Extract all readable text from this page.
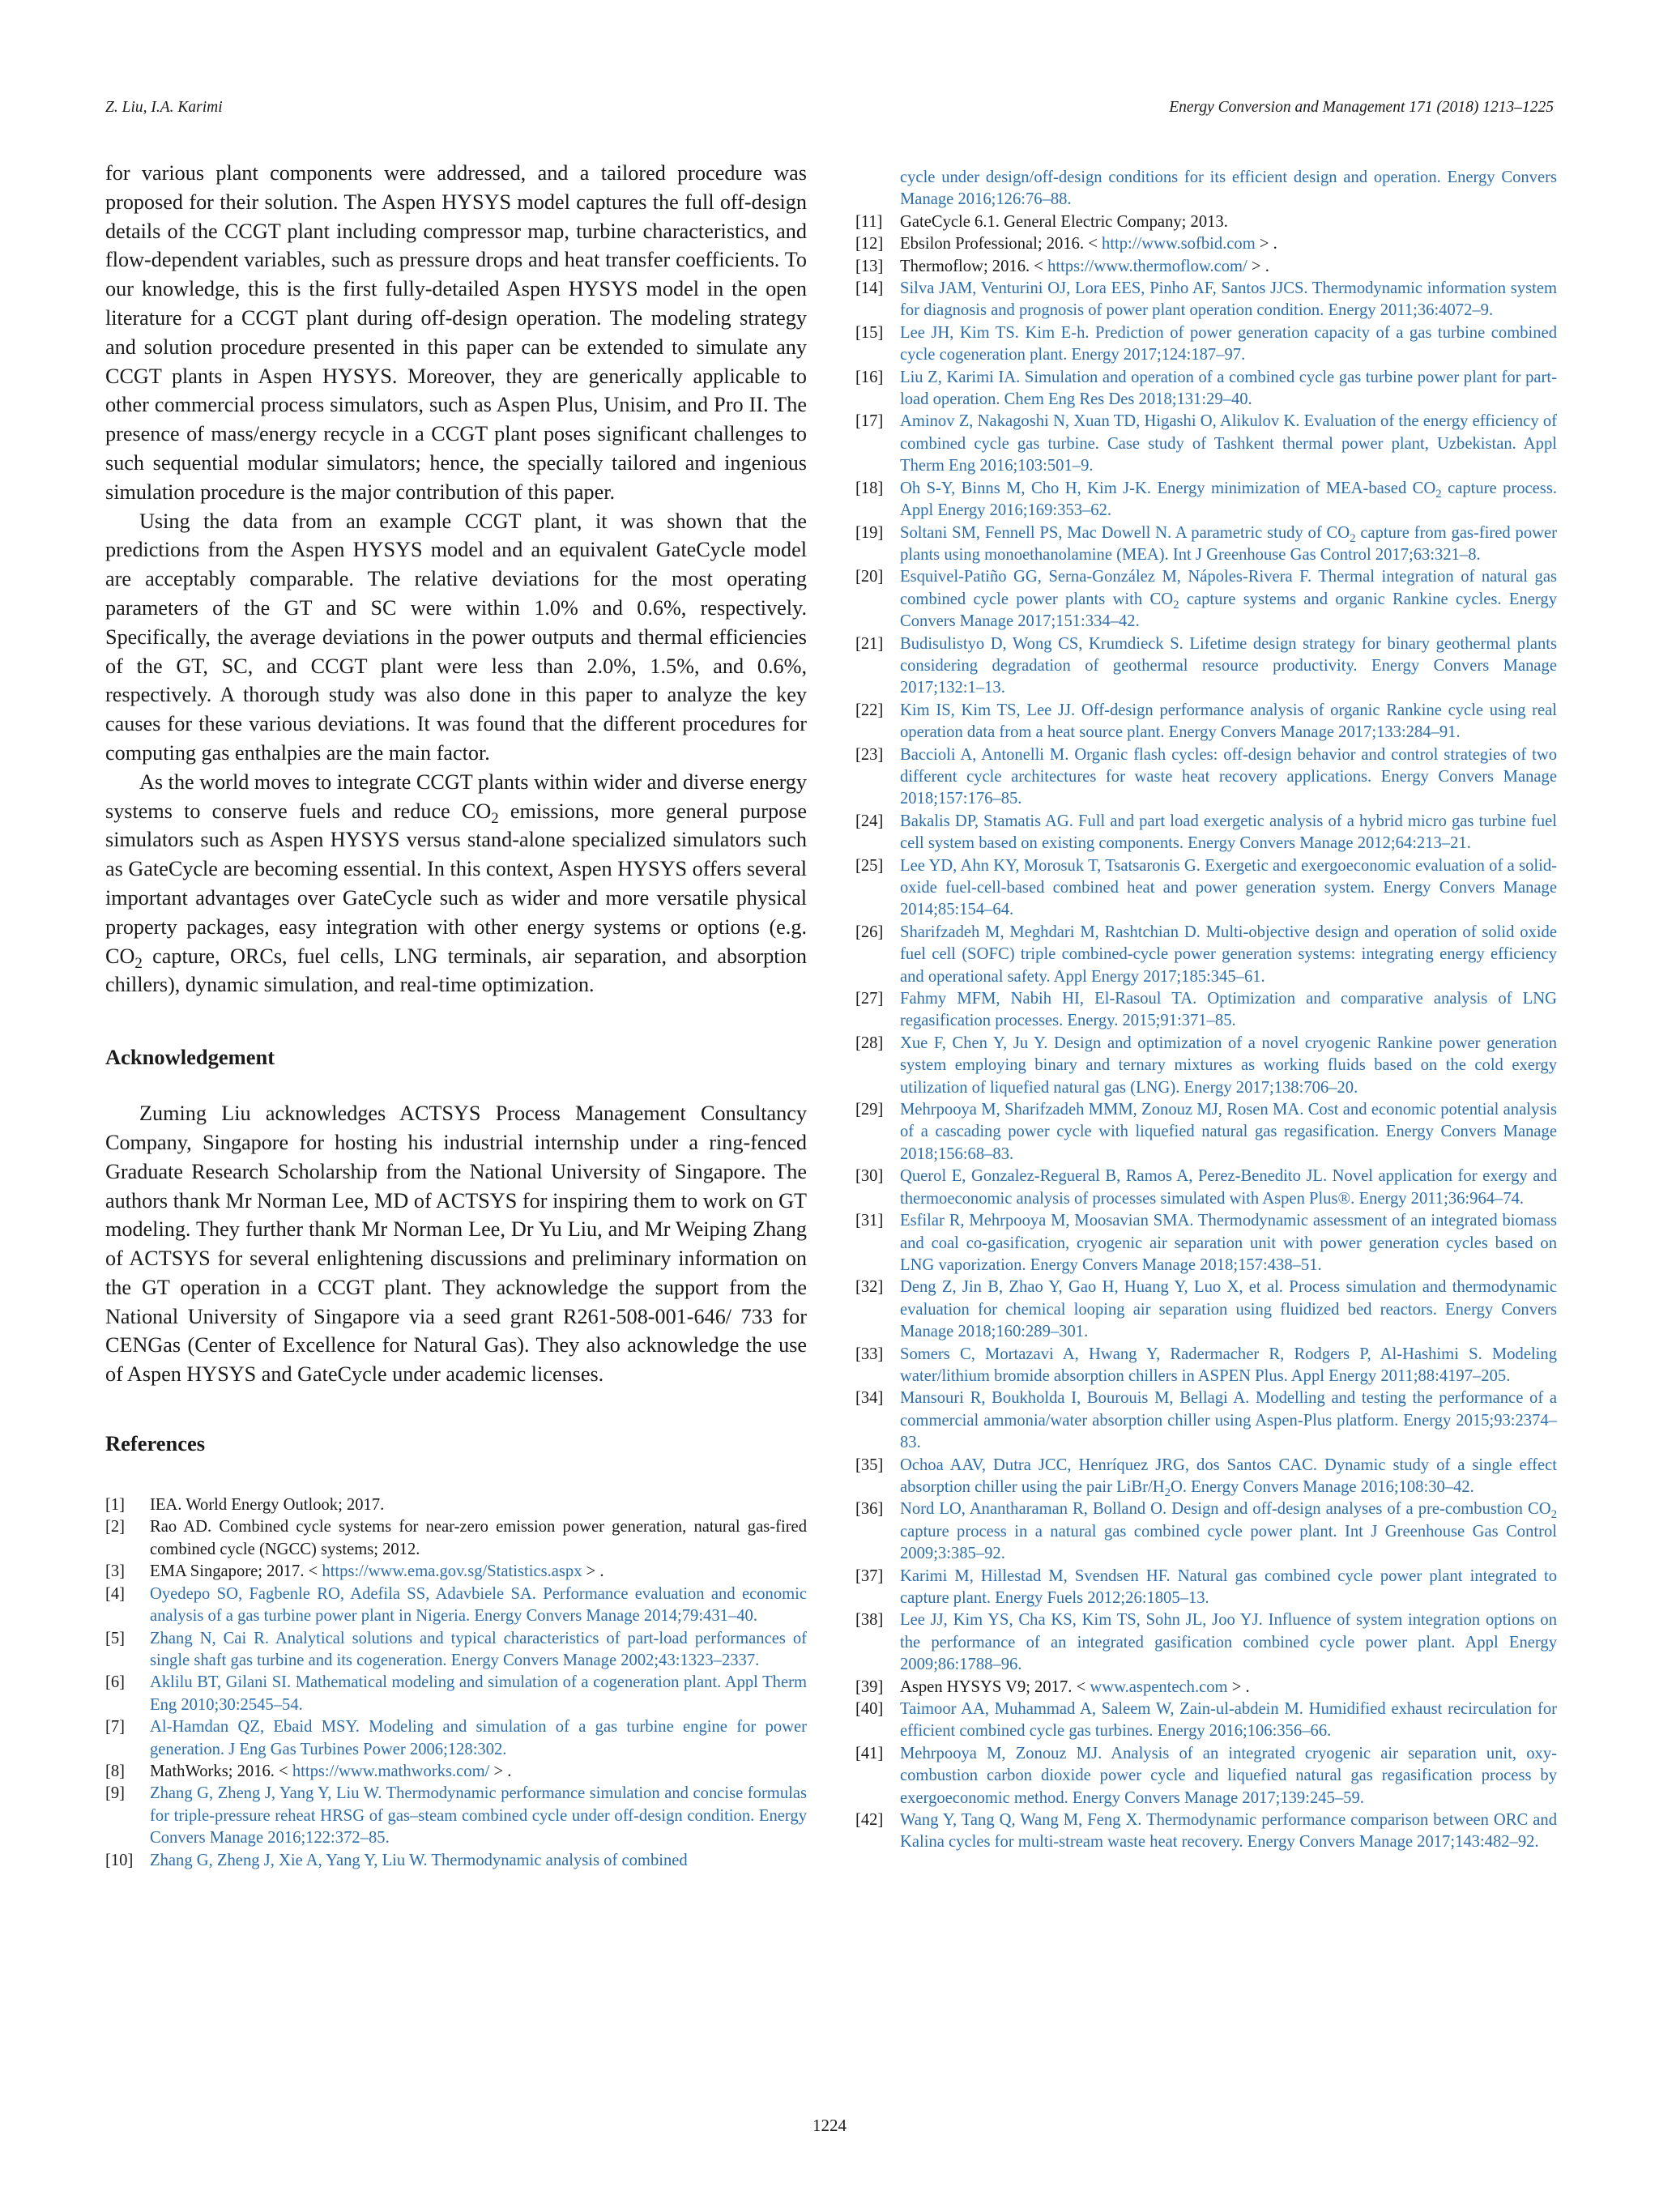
Z. Liu, I.A. Karimi	Energy Conversion and Management 171 (2018) 1213–1225

for various plant components were addressed, and a tailored procedure was proposed for their solution. The Aspen HYSYS model captures the full off-design details of the CCGT plant including compressor map, turbine characteristics, and flow-dependent variables, such as pressure drops and heat transfer coefficients. To our knowledge, this is the first fully-detailed Aspen HYSYS model in the open literature for a CCGT plant during off-design operation. The modeling strategy and solution procedure presented in this paper can be extended to simulate any CCGT plants in Aspen HYSYS. Moreover, they are generically applicable to other commercial process simulators, such as Aspen Plus, Unisim, and Pro II. The presence of mass/energy recycle in a CCGT plant poses significant challenges to such sequential modular simulators; hence, the specially tailored and ingenious simulation procedure is the major contribution of this paper.

Using the data from an example CCGT plant, it was shown that the predictions from the Aspen HYSYS model and an equivalent GateCycle model are acceptably comparable. The relative deviations for the most operating parameters of the GT and SC were within 1.0% and 0.6%, respectively. Specifically, the average deviations in the power outputs and thermal efficiencies of the GT, SC, and CCGT plant were less than 2.0%, 1.5%, and 0.6%, respectively. A thorough study was also done in this paper to analyze the key causes for these various deviations. It was found that the different procedures for computing gas enthalpies are the main factor.

As the world moves to integrate CCGT plants within wider and diverse energy systems to conserve fuels and reduce $CO_2$ emissions, more general purpose simulators such as Aspen HYSYS versus stand-alone specialized simulators such as GateCycle are becoming essential. In this context, Aspen HYSYS offers several important advantages over GateCycle such as wider and more versatile physical property packages, easy integration with other energy systems or options (e.g. $CO_2$ capture, ORCs, fuel cells, LNG terminals, air separation, and absorption chillers), dynamic simulation, and real-time optimization.

Acknowledgement

Zuming Liu acknowledges ACTSYS Process Management Consultancy Company, Singapore for hosting his industrial internship under a ring-fenced Graduate Research Scholarship from the National University of Singapore. The authors thank Mr Norman Lee, MD of ACTSYS for inspiring them to work on GT modeling. They further thank Mr Norman Lee, Dr Yu Liu, and Mr Weiping Zhang of ACTSYS for several enlightening discussions and preliminary information on the GT operation in a CCGT plant. They acknowledge the support from the National University of Singapore via a seed grant R261-508-001-646/ 733 for CENGas (Center of Excellence for Natural Gas). They also acknowledge the use of Aspen HYSYS and GateCycle under academic licenses.

References
[1]	IEA. World Energy Outlook; 2017.
[2]	Rao AD. Combined cycle systems for near-zero emission power generation, natural gas-fired combined cycle (NGCC) systems; 2012.
[3]	EMA Singapore; 2017. < https://www.ema.gov.sg/Statistics.aspx > .
[4]	Oyedepo SO, Fagbenle RO, Adefila SS, Adavbiele SA. Performance evaluation and economic analysis of a gas turbine power plant in Nigeria. Energy Convers Manage 2014;79:431–40.
[5]	Zhang N, Cai R. Analytical solutions and typical characteristics of part-load performances of single shaft gas turbine and its cogeneration. Energy Convers Manage 2002;43:1323–2337.
[6]	Aklilu BT, Gilani SI. Mathematical modeling and simulation of a cogeneration plant. Appl Therm Eng 2010;30:2545–54.
[7]	Al-Hamdan QZ, Ebaid MSY. Modeling and simulation of a gas turbine engine for power generation. J Eng Gas Turbines Power 2006;128:302.
[8]	MathWorks; 2016. < https://www.mathworks.com/ > .
[9]	Zhang G, Zheng J, Yang Y, Liu W. Thermodynamic performance simulation and concise formulas for triple-pressure reheat HRSG of gas–steam combined cycle under off-design condition. Energy Convers Manage 2016;122:372–85.
[10]	Zhang G, Zheng J, Xie A, Yang Y, Liu W. Thermodynamic analysis of combined
cycle under design/off-design conditions for its efficient design and operation. Energy Convers Manage 2016;126:76–88.
[11]	GateCycle 6.1. General Electric Company; 2013.
[12]	Ebsilon Professional; 2016. < http://www.sofbid.com > .
[13]	Thermoflow; 2016. < https://www.thermoflow.com/ > .
[14]	Silva JAM, Venturini OJ, Lora EES, Pinho AF, Santos JJCS. Thermodynamic information system for diagnosis and prognosis of power plant operation condition. Energy 2011;36:4072–9.
[15]	Lee JH, Kim TS. Kim E-h. Prediction of power generation capacity of a gas turbine combined cycle cogeneration plant. Energy 2017;124:187–97.
[16]	Liu Z, Karimi IA. Simulation and operation of a combined cycle gas turbine power plant for part-load operation. Chem Eng Res Des 2018;131:29–40.
[17]	Aminov Z, Nakagoshi N, Xuan TD, Higashi O, Alikulov K. Evaluation of the energy efficiency of combined cycle gas turbine. Case study of Tashkent thermal power plant, Uzbekistan. Appl Therm Eng 2016;103:501–9.
[18]	Oh S-Y, Binns M, Cho H, Kim J-K. Energy minimization of MEA-based $CO_2$ capture process. Appl Energy 2016;169:353–62.
[19]	Soltani SM, Fennell PS, Mac Dowell N. A parametric study of $CO_2$ capture from gas-fired power plants using monoethanolamine (MEA). Int J Greenhouse Gas Control 2017;63:321–8.
[20]	Esquivel-Patiño GG, Serna-González M, Nápoles-Rivera F. Thermal integration of natural gas combined cycle power plants with $CO_2$ capture systems and organic Rankine cycles. Energy Convers Manage 2017;151:334–42.
[21]	Budisulistyo D, Wong CS, Krumdieck S. Lifetime design strategy for binary geothermal plants considering degradation of geothermal resource productivity. Energy Convers Manage 2017;132:1–13.
[22]	Kim IS, Kim TS, Lee JJ. Off-design performance analysis of organic Rankine cycle using real operation data from a heat source plant. Energy Convers Manage 2017;133:284–91.
[23]	Baccioli A, Antonelli M. Organic flash cycles: off-design behavior and control strategies of two different cycle architectures for waste heat recovery applications. Energy Convers Manage 2018;157:176–85.
[24]	Bakalis DP, Stamatis AG. Full and part load exergetic analysis of a hybrid micro gas turbine fuel cell system based on existing components. Energy Convers Manage 2012;64:213–21.
[25]	Lee YD, Ahn KY, Morosuk T, Tsatsaronis G. Exergetic and exergoeconomic evaluation of a solid-oxide fuel-cell-based combined heat and power generation system. Energy Convers Manage 2014;85:154–64.
[26]	Sharifzadeh M, Meghdari M, Rashtchian D. Multi-objective design and operation of solid oxide fuel cell (SOFC) triple combined-cycle power generation systems: integrating energy efficiency and operational safety. Appl Energy 2017;185:345–61.
[27]	Fahmy MFM, Nabih HI, El-Rasoul TA. Optimization and comparative analysis of LNG regasification processes. Energy. 2015;91:371–85.
[28]	Xue F, Chen Y, Ju Y. Design and optimization of a novel cryogenic Rankine power generation system employing binary and ternary mixtures as working fluids based on the cold exergy utilization of liquefied natural gas (LNG). Energy 2017;138:706–20.
[29]	Mehrpooya M, Sharifzadeh MMM, Zonouz MJ, Rosen MA. Cost and economic potential analysis of a cascading power cycle with liquefied natural gas regasification. Energy Convers Manage 2018;156:68–83.
[30]	Querol E, Gonzalez-Regueral B, Ramos A, Perez-Benedito JL. Novel application for exergy and thermoeconomic analysis of processes simulated with Aspen Plus®. Energy 2011;36:964–74.
[31]	Esfilar R, Mehrpooya M, Moosavian SMA. Thermodynamic assessment of an integrated biomass and coal co-gasification, cryogenic air separation unit with power generation cycles based on LNG vaporization. Energy Convers Manage 2018;157:438–51.
[32]	Deng Z, Jin B, Zhao Y, Gao H, Huang Y, Luo X, et al. Process simulation and thermodynamic evaluation for chemical looping air separation using fluidized bed reactors. Energy Convers Manage 2018;160:289–301.
[33]	Somers C, Mortazavi A, Hwang Y, Radermacher R, Rodgers P, Al-Hashimi S. Modeling water/lithium bromide absorption chillers in ASPEN Plus. Appl Energy 2011;88:4197–205.
[34]	Mansouri R, Boukholda I, Bourouis M, Bellagi A. Modelling and testing the performance of a commercial ammonia/water absorption chiller using Aspen-Plus platform. Energy 2015;93:2374–83.
[35]	Ochoa AAV, Dutra JCC, Henríquez JRG, dos Santos CAC. Dynamic study of a single effect absorption chiller using the pair LiBr/$H_2O$. Energy Convers Manage 2016;108:30–42.
[36]	Nord LO, Anantharaman R, Bolland O. Design and off-design analyses of a pre-combustion $CO_2$ capture process in a natural gas combined cycle power plant. Int J Greenhouse Gas Control 2009;3:385–92.
[37]	Karimi M, Hillestad M, Svendsen HF. Natural gas combined cycle power plant integrated to capture plant. Energy Fuels 2012;26:1805–13.
[38]	Lee JJ, Kim YS, Cha KS, Kim TS, Sohn JL, Joo YJ. Influence of system integration options on the performance of an integrated gasification combined cycle power plant. Appl Energy 2009;86:1788–96.
[39]	Aspen HYSYS V9; 2017. < www.aspentech.com > .
[40]	Taimoor AA, Muhammad A, Saleem W, Zain-ul-abdein M. Humidified exhaust recirculation for efficient combined cycle gas turbines. Energy 2016;106:356–66.
[41]	Mehrpooya M, Zonouz MJ. Analysis of an integrated cryogenic air separation unit, oxy-combustion carbon dioxide power cycle and liquefied natural gas regasification process by exergoeconomic method. Energy Convers Manage 2017;139:245–59.
[42]	Wang Y, Tang Q, Wang M, Feng X. Thermodynamic performance comparison between ORC and Kalina cycles for multi-stream waste heat recovery. Energy Convers Manage 2017;143:482–92.
1224
